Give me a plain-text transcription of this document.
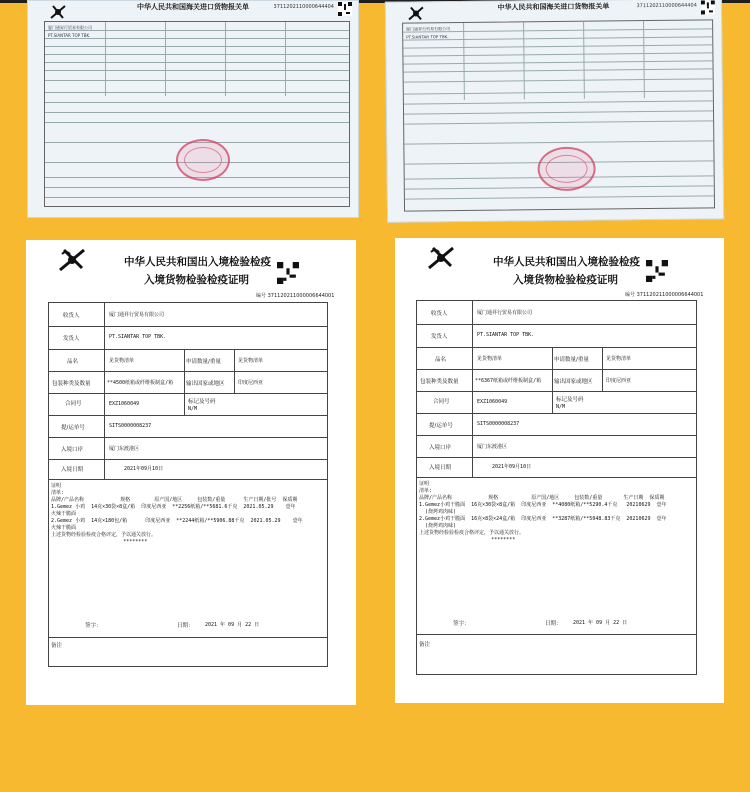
中华人民共和国海关进口货物报关单	3711202110000644404
厦门通昇行贸易有限公司
PT.SIANTAR TOP TBK.
中华人民共和国海关进口货物报关单	3711202110000644404
厦门通昇行贸易有限公司
PT.SIANTAR TOP TBK.
中华人民共和国出入境检验检疫
入境货物检验检疫证明
编号 371120211000006644001
收货人	厦门通昇行贸易有限公司
发货人	PT.SIANTAR TOP TBK.
品名	见货物清单	申请数量/重量	见货物清单
包装种类及数量	**4500纸箱或纤维板制盒/箱 输出国家或地区	印度尼西亚
合同号	EXZ1060049	标记及号码
N/M
提/运单号	SITS0000008237
入境口岸	厦门东渡港区
入境日期	2021年09月10日
证明
清单:
品牌/产品名称            规格        原产国/地区     包装数/重量      生产日期/批号  保质期
1.Gemez 小鸡  14克×30袋×8盒/箱  印度尼西亚  **2256纸箱/**5681.6千克  2021.05.29    壹年
火辣干脆面
2.Gemez 小鸡  14克×180包/箱      印度尼西亚  **2244纸箱/**5906.88千克  2021.05.29    壹年
火辣干脆面
上述货物经检验检疫合格评定，予以通关放行。
********
签字：	日期： 2021 年 09 月 22 日
备注
中华人民共和国出入境检验检疫
入境货物检验检疫证明
编号 371120211000006644001
收货人	厦门通昇行贸易有限公司
发货人	PT.SIANTAR TOP TBK.
品名	见货物清单	申请数量/重量	见货物清单
包装种类及数量	**6367纸箱或纤维板制盒/箱 输出国家或地区	印度尼西亚
合同号	EXZ1060049	标记及号码
N/M
提/运单号	SITS0000008237
入境口岸	厦门东渡港区
入境日期	2021年09月10日
证明
清单:
品牌/产品名称            规格           原产国/地区     包装数/重量       生产日期  保质期
1.Gemez小鸡干脆面  16克×30袋×8盒/箱  印度尼西亚  **4080纸箱/**5290.4千克   20210629  壹年
(烧烤鸡肉味)
2.Gemez小鸡干脆面  16克×8袋×24盒/箱  印度尼西亚  **3287纸箱/**5048.83千克  20210629  壹年
(烧烤鸡肉味)
上述货物经检验检疫合格评定，予以通关放行。
********
签字：	日期： 2021 年 09 月 22 日
备注
